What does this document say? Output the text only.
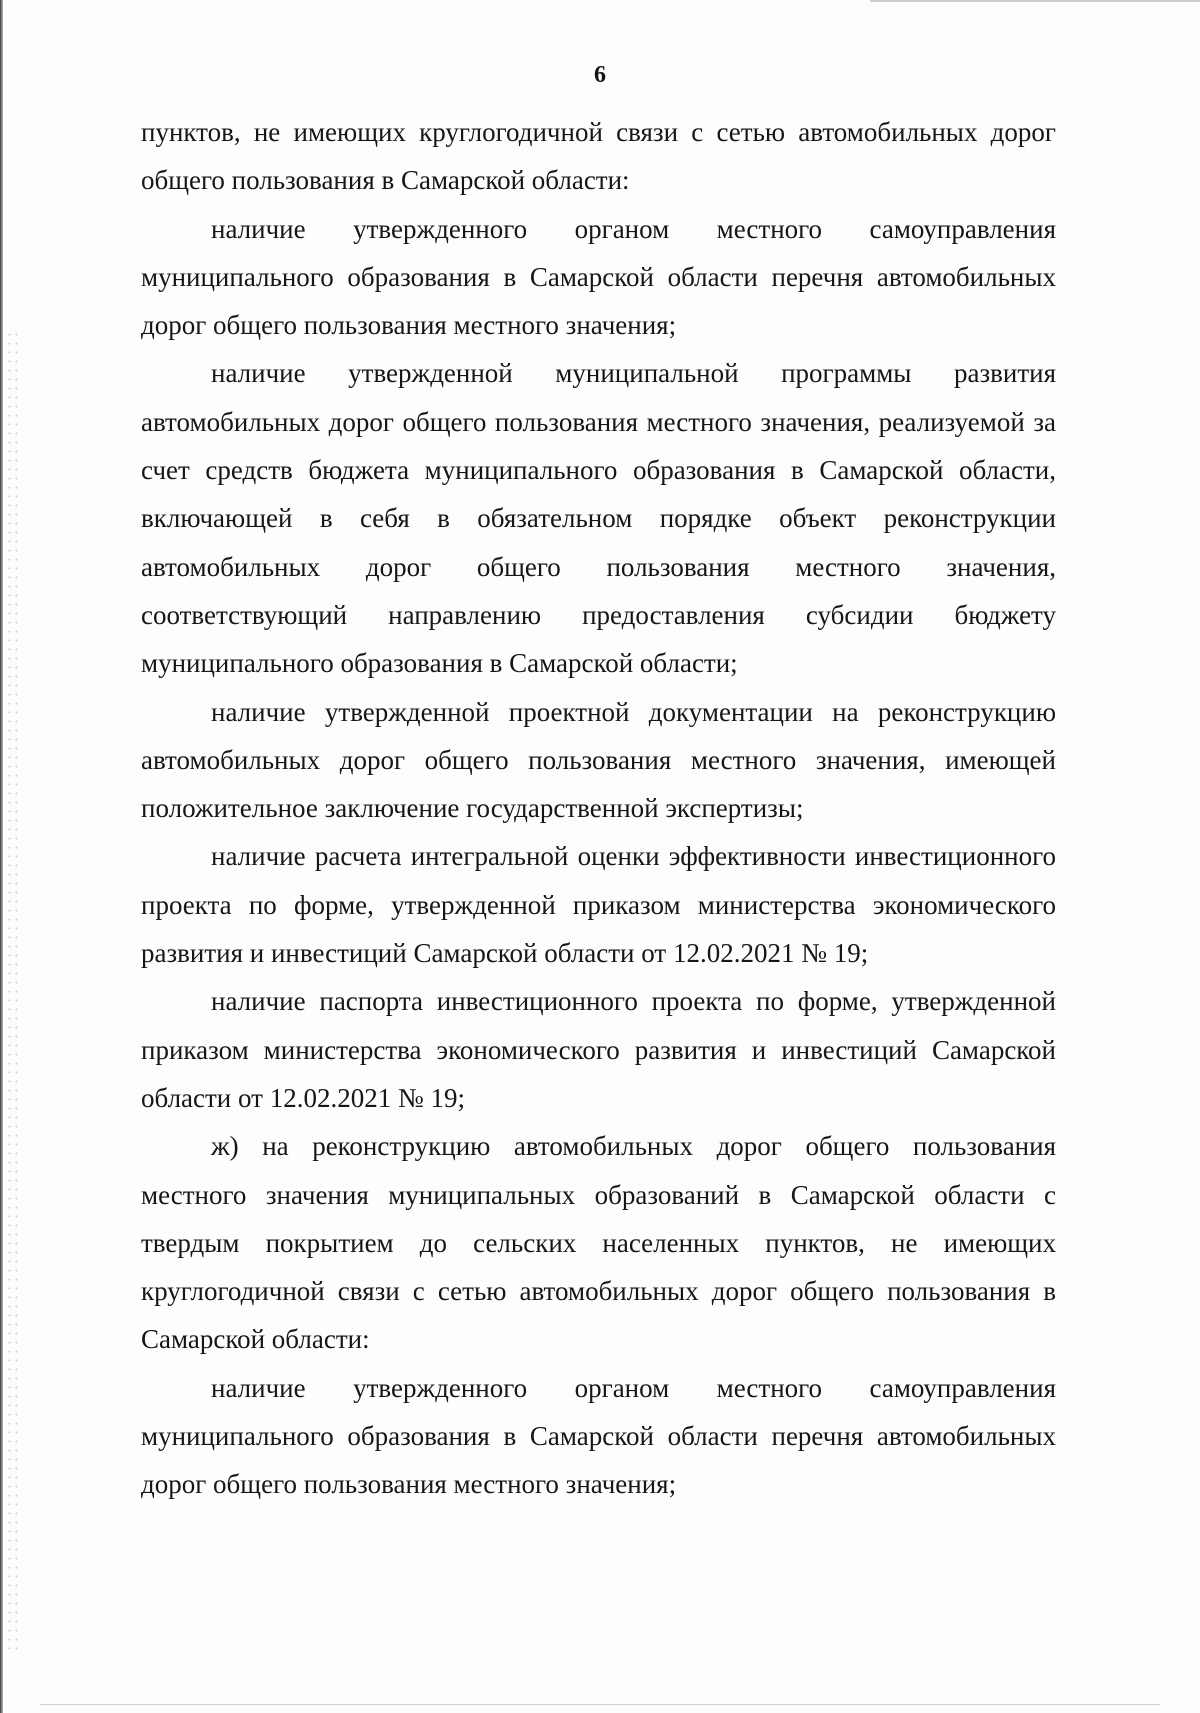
6

пунктов, не имеющих круглогодичной связи с сетью автомобильных дорог общего пользования в Самарской области:

наличие утвержденного органом местного самоуправления муниципального образования в Самарской области перечня автомобильных дорог общего пользования местного значения;

наличие утвержденной муниципальной программы развития автомобильных дорог общего пользования местного значения, реализуемой за счет средств бюджета муниципального образования в Самарской области, включающей в себя в обязательном порядке объект реконструкции автомобильных дорог общего пользования местного значения, соответствующий направлению предоставления субсидии бюджету муниципального образования в Самарской области;

наличие утвержденной проектной документации на реконструкцию автомобильных дорог общего пользования местного значения, имеющей положительное заключение государственной экспертизы;

наличие расчета интегральной оценки эффективности инвестиционного проекта по форме, утвержденной приказом министерства экономического развития и инвестиций Самарской области от 12.02.2021 № 19;

наличие паспорта инвестиционного проекта по форме, утвержденной приказом министерства экономического развития и инвестиций Самарской области от 12.02.2021 № 19;

ж) на реконструкцию автомобильных дорог общего пользования местного значения муниципальных образований в Самарской области с твердым покрытием до сельских населенных пунктов, не имеющих круглогодичной связи с сетью автомобильных дорог общего пользования в Самарской области:

наличие утвержденного органом местного самоуправления муниципального образования в Самарской области перечня автомобильных дорог общего пользования местного значения;
